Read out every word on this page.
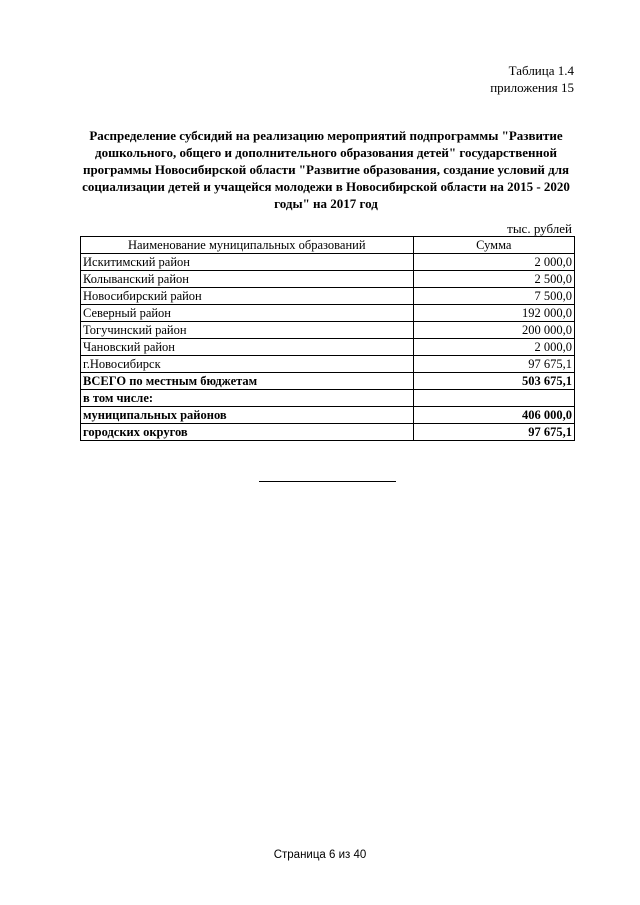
Таблица 1.4
приложения 15
Распределение субсидий на реализацию мероприятий подпрограммы "Развитие
дошкольного, общего и дополнительного образования детей" государственной
программы Новосибирской области "Развитие образования, создание условий для
социализации детей и учащейся молодежи в Новосибирской области на 2015 - 2020
годы" на 2017 год
тыс. рублей
Наименование муниципальных образований	Сумма
Искитимский район	2 000,0
Колыванский район	2 500,0
Новосибирский район	7 500,0
Северный район	192 000,0
Тогучинский район	200 000,0
Чановский район	2 000,0
г.Новосибирск	97 675,1
ВСЕГО по местным бюджетам	503 675,1
в том числе:	
муниципальных районов	406 000,0
городских округов	97 675,1
Страница 6 из 40
